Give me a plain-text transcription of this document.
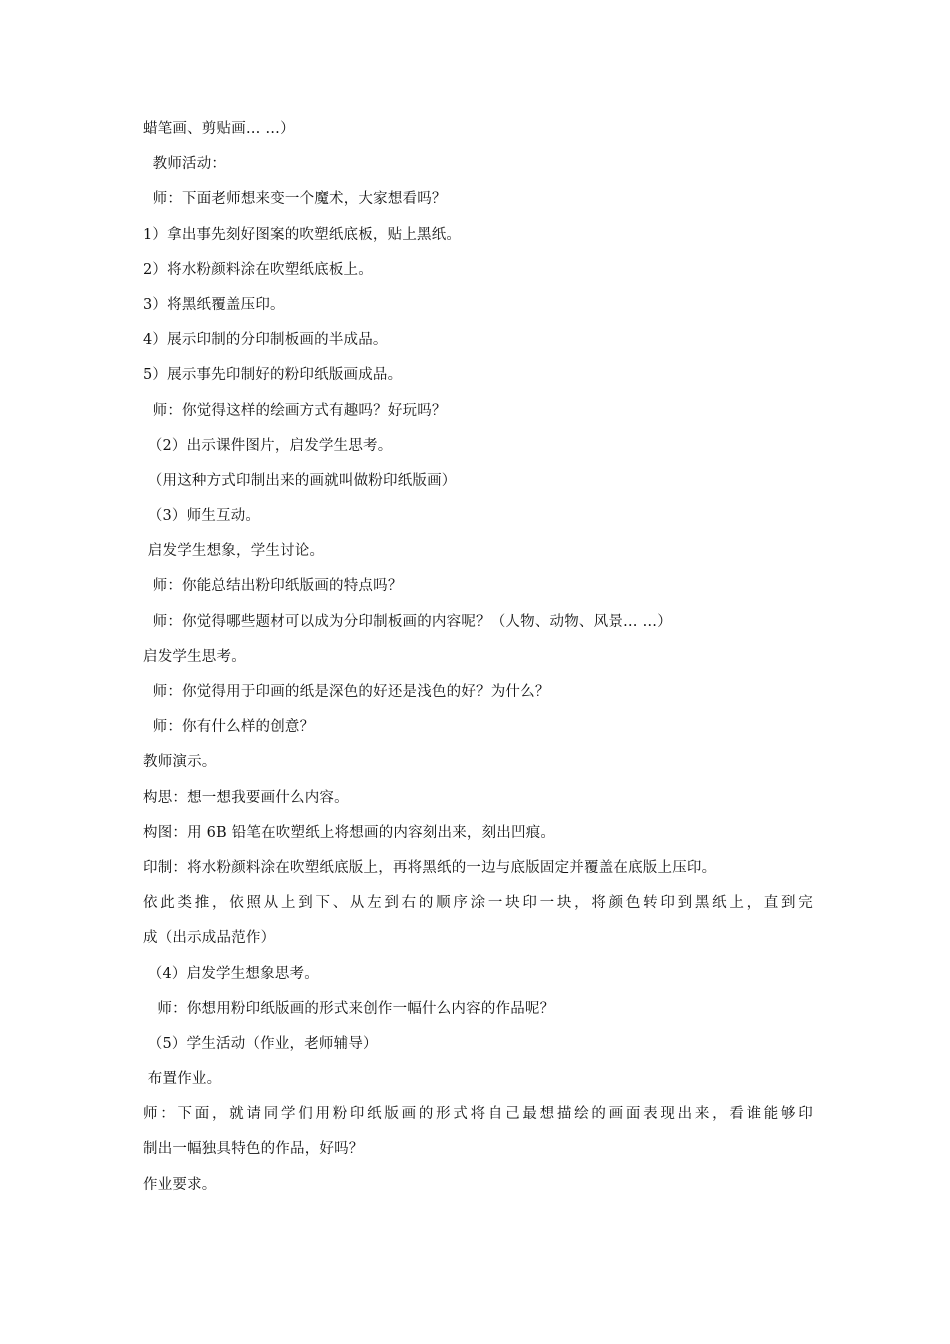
蜡笔画、剪贴画… …）
教师活动：
师：下面老师想来变一个魔术，大家想看吗？
1）拿出事先刻好图案的吹塑纸底板，贴上黑纸。
2）将水粉颜料涂在吹塑纸底板上。
3）将黑纸覆盖压印。
4）展示印制的分印制板画的半成品。
5）展示事先印制好的粉印纸版画成品。
师：你觉得这样的绘画方式有趣吗？好玩吗？
（2）出示课件图片，启发学生思考。
（用这种方式印制出来的画就叫做粉印纸版画）
（3）师生互动。
启发学生想象，学生讨论。
师：你能总结出粉印纸版画的特点吗？
师：你觉得哪些题材可以成为分印制板画的内容呢？（人物、动物、风景… …）
启发学生思考。
师：你觉得用于印画的纸是深色的好还是浅色的好？为什么？
师：你有什么样的创意？
教师演示。
构思：想一想我要画什么内容。
构图：用 6B 铅笔在吹塑纸上将想画的内容刻出来，刻出凹痕。
印制：将水粉颜料涂在吹塑纸底版上，再将黑纸的一边与底版固定并覆盖在底版上压印。
依此类推，依照从上到下、从左到右的顺序涂一块印一块，将颜色转印到黑纸上，直到完
成（出示成品范作）
（4）启发学生想象思考。
师：你想用粉印纸版画的形式来创作一幅什么内容的作品呢？
（5）学生活动（作业，老师辅导）
布置作业。
师：下面，就请同学们用粉印纸版画的形式将自己最想描绘的画面表现出来，看谁能够印
制出一幅独具特色的作品，好吗？
作业要求。
